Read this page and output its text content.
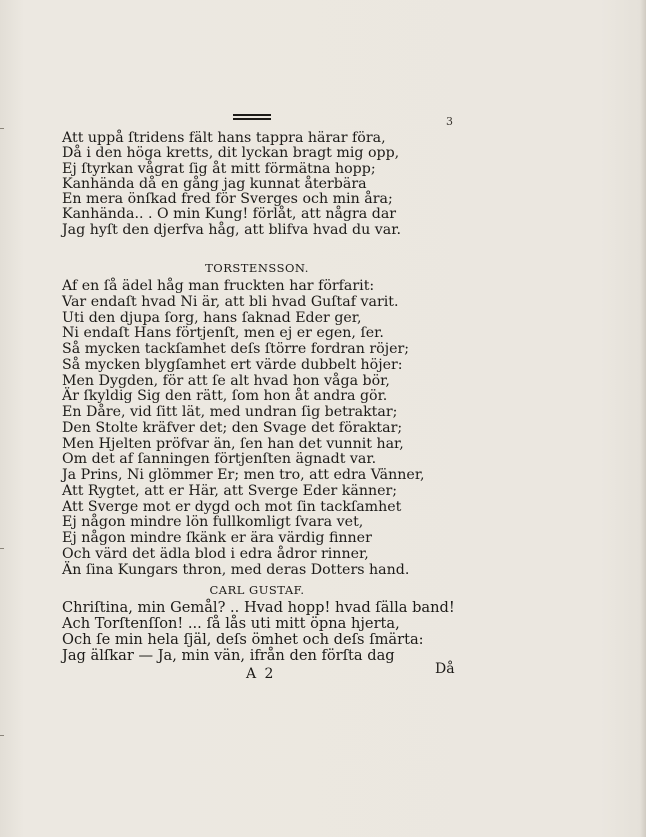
3
Att uppå ſtridens fält hans tappra härar föra,
Då i den höga kretts, dit lyckan bragt mig opp,
Ej ſtyrkan vågrat ſig åt mitt förmätna hopp;
Kanhända då en gång jag kunnat återbära
En mera önſkad fred för Sverges och min åra;
Kanhända.. . O min Kung! förlåt, att några dar
Jag hyſt den djerfva håg, att blifva hvad du var.
TORSTENSSON.
Af en ſå ädel håg man fruckten har förfarit:
Var endaſt hvad Ni är, att bli hvad Guſtaf varit.
Uti den djupa ſorg, hans ſaknad Eder ger,
Ni endaſt Hans förtjenſt, men ej er egen, ſer.
Så mycken tackſamhet deſs ſtörre fordran röjer;
Så mycken blygſamhet ert värde dubbelt höjer:
Men Dygden, för att ſe alt hvad hon våga bör,
Är ſkyldig Sig den rätt, ſom hon åt andra gör.
En Dåre, vid ſitt lät, med undran ſig betraktar;
Den Stolte kräfver det; den Svage det föraktar;
Men Hjelten pröfvar än, ſen han det vunnit har,
Om det af ſanningen förtjenſten ägnadt var.
Ja Prins, Ni glömmer Er; men tro, att edra Vänner,
Att Rygtet, att er Här, att Sverge Eder känner;
Att Sverge mot er dygd och mot ſin tackſamhet
Ej någon mindre lön fullkomligt ſvara vet,
Ej någon mindre ſkänk er ära värdig finner
Och värd det ädla blod i edra ådror rinner,
Än ſina Kungars thron, med deras Dotters hand.
CARL GUSTAF.
Chriſtina, min Gemål? .. Hvad hopp! hvad ſälla band!
Ach Torſtenſſon! ... ſå lås uti mitt öpna hjerta,
Och ſe min hela ſjäl, deſs ömhet och deſs ſmärta:
Jag älſkar — Ja, min vän, ifrån den förſta dag
A 2	Då
